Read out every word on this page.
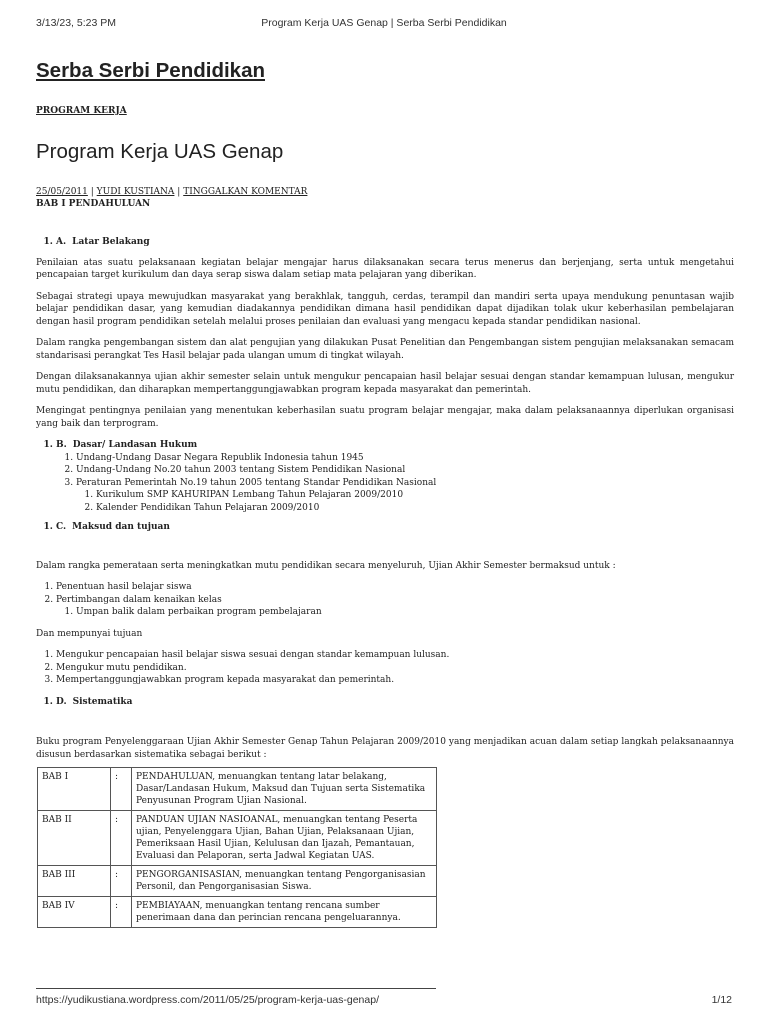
3/13/23, 5:23 PM	Program Kerja UAS Genap | Serba Serbi Pendidikan
Serba Serbi Pendidikan
PROGRAM KERJA
Program Kerja UAS Genap
25/05/2011 | YUDI KUSTIANA | TINGGALKAN KOMENTAR
BAB I PENDAHULUAN
1. A. Latar Belakang

Penilaian atas suatu pelaksanaan kegiatan belajar mengajar harus dilaksanakan secara terus menerus dan berjenjang, serta untuk mengetahui pencapaian target kurikulum dan daya serap siswa dalam setiap mata pelajaran yang diberikan.

Sebagai strategi upaya mewujudkan masyarakat yang berakhlak, tangguh, cerdas, terampil dan mandiri serta upaya mendukung penuntasan wajib belajar pendidikan dasar, yang kemudian diadakannya pendidikan dimana hasil pendidikan dapat dijadikan tolak ukur keberhasilan pembelajaran dengan hasil program pendidikan setelah melalui proses penilaian dan evaluasi yang mengacu kepada standar pendidikan nasional.

Dalam rangka pengembangan sistem dan alat pengujian yang dilakukan Pusat Penelitian dan Pengembangan sistem pengujian melaksanakan semacam standarisasi perangkat Tes Hasil belajar pada ulangan umum di tingkat wilayah.

Dengan dilaksanakannya ujian akhir semester selain untuk mengukur pencapaian hasil belajar sesuai dengan standar kemampuan lulusan, mengukur mutu pendidikan, dan diharapkan mempertanggungjawabkan program kepada masyarakat dan pemerintah.

Mengingat pentingnya penilaian yang menentukan keberhasilan suatu program belajar mengajar, maka dalam pelaksanaannya diperlukan organisasi yang baik dan terprogram.

1. B. Dasar/ Landasan Hukum
1. Undang-Undang Dasar Negara Republik Indonesia tahun 1945
2. Undang-Undang No.20 tahun 2003 tentang Sistem Pendidikan Nasional
3. Peraturan Pemerintah No.19 tahun 2005 tentang Standar Pendidikan Nasional
1. Kurikulum SMP KAHURIPAN Lembang Tahun Pelajaran 2009/2010
2. Kalender Pendidikan Tahun Pelajaran 2009/2010
1. C. Maksud dan tujuan

Dalam rangka pemerataan serta meningkatkan mutu pendidikan secara menyeluruh, Ujian Akhir Semester bermaksud untuk :

1. Penentuan hasil belajar siswa
2. Pertimbangan dalam kenaikan kelas
1. Umpan balik dalam perbaikan program pembelajaran

Dan mempunyai tujuan

1. Mengukur pencapaian hasil belajar siswa sesuai dengan standar kemampuan lulusan.
2. Mengukur mutu pendidikan.
3. Mempertanggungjawabkan program kepada masyarakat dan pemerintah.
1. D. Sistematika

Buku program Penyelenggaraan Ujian Akhir Semester Genap Tahun Pelajaran 2009/2010 yang menjadikan acuan dalam setiap langkah pelaksanaannya disusun berdasarkan sistematika sebagai berikut :

BAB I	:	PENDAHULUAN, menuangkan tentang latar belakang, Dasar/Landasan Hukum, Maksud dan Tujuan serta Sistematika Penyusunan Program Ujian Nasional.
BAB II	:	PANDUAN UJIAN NASIOANAL, menuangkan tentang Peserta ujian, Penyelenggara Ujian, Bahan Ujian, Pelaksanaan Ujian, Pemeriksaan Hasil Ujian, Kelulusan dan Ijazah, Pemantauan, Evaluasi dan Pelaporan, serta Jadwal Kegiatan UAS.
BAB III	:	PENGORGANISASIAN, menuangkan tentang Pengorganisasian Personil, dan Pengorganisasian Siswa.
BAB IV	:	PEMBIAYAAN, menuangkan tentang rencana sumber penerimaan dana dan perincian rencana pengeluarannya.
https://yudikustiana.wordpress.com/2011/05/25/program-kerja-uas-genap/	1/12
